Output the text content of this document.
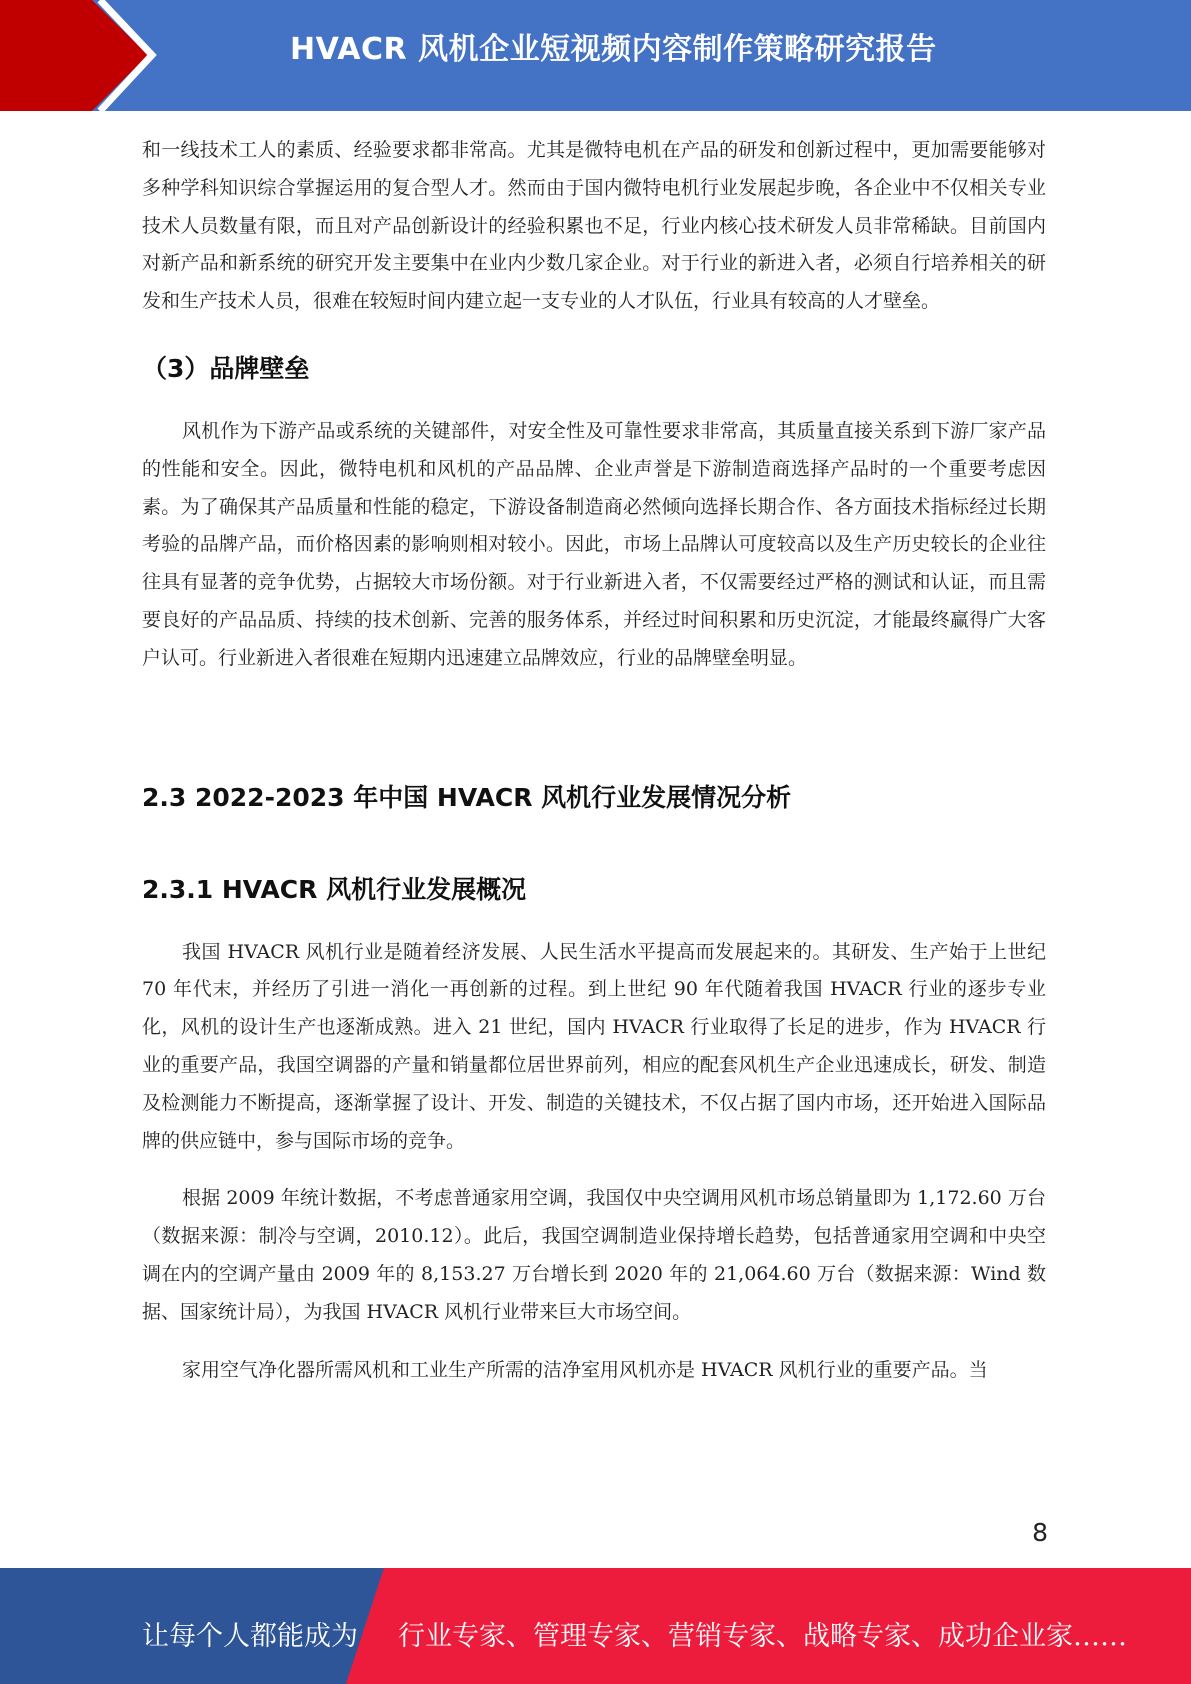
HVACR 风机企业短视频内容制作策略研究报告

和一线技术工人的素质、经验要求都非常高。尤其是微特电机在产品的研发和创新过程中，更加需要能够对多种学科知识综合掌握运用的复合型人才。然而由于国内微特电机行业发展起步晚，各企业中不仅相关专业技术人员数量有限，而且对产品创新设计的经验积累也不足，行业内核心技术研发人员非常稀缺。目前国内对新产品和新系统的研究开发主要集中在业内少数几家企业。对于行业的新进入者，必须自行培养相关的研发和生产技术人员，很难在较短时间内建立起一支专业的人才队伍，行业具有较高的人才壁垒。

（3）品牌壁垒

风机作为下游产品或系统的关键部件，对安全性及可靠性要求非常高，其质量直接关系到下游厂家产品的性能和安全。因此，微特电机和风机的产品品牌、企业声誉是下游制造商选择产品时的一个重要考虑因素。为了确保其产品质量和性能的稳定，下游设备制造商必然倾向选择长期合作、各方面技术指标经过长期考验的品牌产品，而价格因素的影响则相对较小。因此，市场上品牌认可度较高以及生产历史较长的企业往往具有显著的竞争优势，占据较大市场份额。对于行业新进入者，不仅需要经过严格的测试和认证，而且需要良好的产品品质、持续的技术创新、完善的服务体系，并经过时间积累和历史沉淀，才能最终赢得广大客户认可。行业新进入者很难在短期内迅速建立品牌效应，行业的品牌壁垒明显。

2.3 2022-2023 年中国 HVACR 风机行业发展情况分析
2.3.1 HVACR 风机行业发展概况

我国 HVACR 风机行业是随着经济发展、人民生活水平提高而发展起来的。其研发、生产始于上世纪 70 年代末，并经历了引进一消化一再创新的过程。到上世纪 90 年代随着我国 HVACR 行业的逐步专业化，风机的设计生产也逐渐成熟。进入 21 世纪，国内 HVACR 行业取得了长足的进步，作为 HVACR 行业的重要产品，我国空调器的产量和销量都位居世界前列，相应的配套风机生产企业迅速成长，研发、制造及检测能力不断提高，逐渐掌握了设计、开发、制造的关键技术，不仅占据了国内市场，还开始进入国际品牌的供应链中，参与国际市场的竞争。

根据 2009 年统计数据，不考虑普通家用空调，我国仅中央空调用风机市场总销量即为 1,172.60 万台（数据来源：制冷与空调，2010.12）。此后，我国空调制造业保持增长趋势，包括普通家用空调和中央空调在内的空调产量由 2009 年的 8,153.27 万台增长到 2020 年的 21,064.60 万台（数据来源：Wind 数据、国家统计局），为我国 HVACR 风机行业带来巨大市场空间。

家用空气净化器所需风机和工业生产所需的洁净室用风机亦是 HVACR 风机行业的重要产品。当

8
让每个人都能成为 行业专家、管理专家、营销专家、战略专家、成功企业家……
